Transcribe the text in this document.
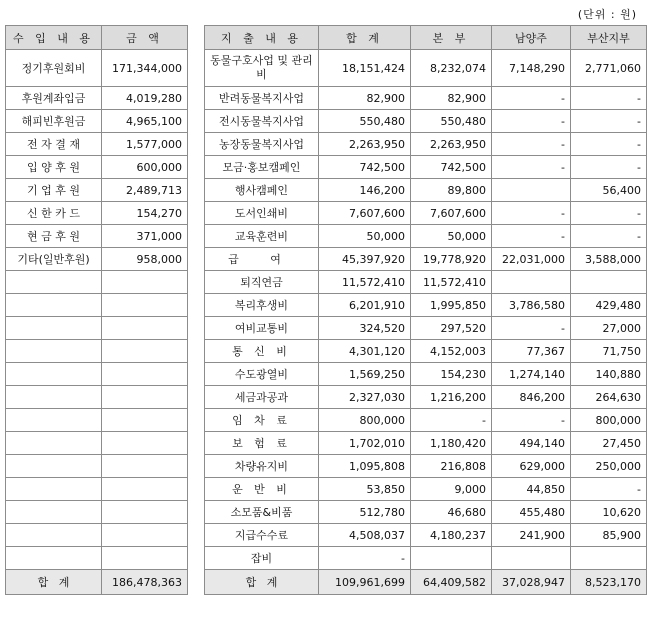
(단위 : 원)
수 입 내 용	금 액
정기후원회비	171,344,000
후원계좌입금	4,019,280
해피빈후원금	4,965,100
전 자 결 재	1,577,000
입 양 후 원	600,000
기 업 후 원	2,489,713
신 한 카 드	154,270
현 금 후 원	371,000
기타(일반후원)	958,000

합   계	186,478,363
지 출 내 용	합 계	본 부	남양주	부산지부
동물구호사업 및 관리비	18,151,424	8,232,074	7,148,290	2,771,060
반려동물복지사업	82,900	82,900	-	-
전시동물복지사업	550,480	550,480	-	-
농장동물복지사업	2,263,950	2,263,950	-	-
모금·홍보캠페인	742,500	742,500	-	-
행사캠페인	146,200	89,800		56,400
도서인쇄비	7,607,600	7,607,600	-	-
교육훈련비	50,000	50,000	-	-
급 여	45,397,920	19,778,920	22,031,000	3,588,000
퇴직연금	11,572,410	11,572,410		
복리후생비	6,201,910	1,995,850	3,786,580	429,480
여비교통비	324,520	297,520	-	27,000
통 신 비	4,301,120	4,152,003	77,367	71,750
수도광열비	1,569,250	154,230	1,274,140	140,880
세금과공과	2,327,030	1,216,200	846,200	264,630
임 차 료	800,000	-	-	800,000
보 험 료	1,702,010	1,180,420	494,140	27,450
차량유지비	1,095,808	216,808	629,000	250,000
운 반 비	53,850	9,000	44,850	-
소모품&비품	512,780	46,680	455,480	10,620
지급수수료	4,508,037	4,180,237	241,900	85,900
잡비	-			
합   계	109,961,699	64,409,582	37,028,947	8,523,170
